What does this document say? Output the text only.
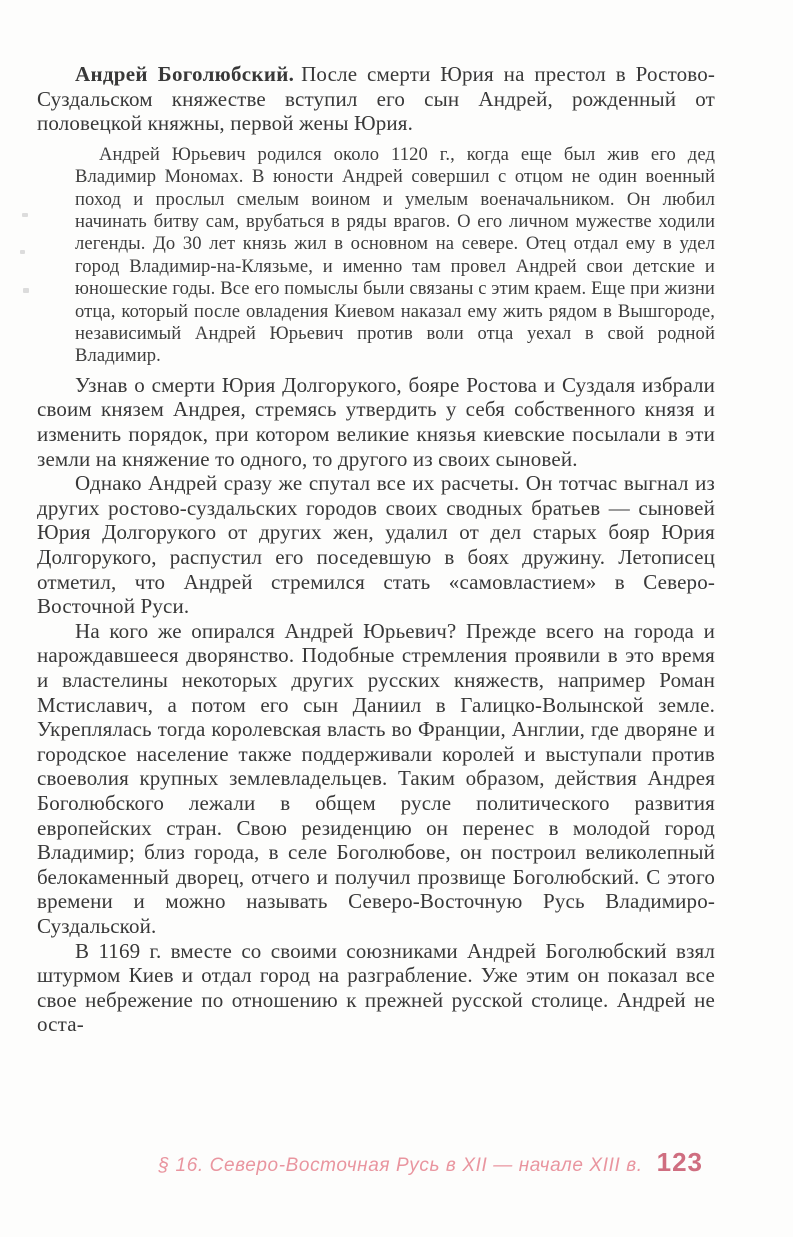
Андрей Боголюбский. После смерти Юрия на престол в Ростово-Суздальском княжестве вступил его сын Андрей, рожденный от половецкой княжны, первой жены Юрия.

Андрей Юрьевич родился около 1120 г., когда еще был жив его дед Владимир Мономах. В юности Андрей совершил с отцом не один военный поход и прослыл смелым воином и умелым военачальником. Он любил начинать битву сам, врубаться в ряды врагов. О его личном мужестве ходили легенды. До 30 лет князь жил в основном на севере. Отец отдал ему в удел город Владимир-на-Клязьме, и именно там провел Андрей свои детские и юношеские годы. Все его помыслы были связаны с этим краем. Еще при жизни отца, который после овладения Киевом наказал ему жить рядом в Вышгороде, независимый Андрей Юрьевич против воли отца уехал в свой родной Владимир.

Узнав о смерти Юрия Долгорукого, бояре Ростова и Суздаля избрали своим князем Андрея, стремясь утвердить у себя собственного князя и изменить порядок, при котором великие князья киевские посылали в эти земли на княжение то одного, то другого из своих сыновей.

Однако Андрей сразу же спутал все их расчеты. Он тотчас выгнал из других ростово-суздальских городов своих сводных братьев — сыновей Юрия Долгорукого от других жен, удалил от дел старых бояр Юрия Долгорукого, распустил его поседевшую в боях дружину. Летописец отметил, что Андрей стремился стать «самовластием» в Северо-Восточной Руси.

На кого же опирался Андрей Юрьевич? Прежде всего на города и нарождавшееся дворянство. Подобные стремления проявили в это время и властелины некоторых других русских княжеств, например Роман Мстиславич, а потом его сын Даниил в Галицко-Волынской земле. Укреплялась тогда королевская власть во Франции, Англии, где дворяне и городское население также поддерживали королей и выступали против своеволия крупных землевладельцев. Таким образом, действия Андрея Боголюбского лежали в общем русле политического развития европейских стран. Свою резиденцию он перенес в молодой город Владимир; близ города, в селе Боголюбове, он построил великолепный белокаменный дворец, отчего и получил прозвище Боголюбский. С этого времени и можно называть Северо-Восточную Русь Владимиро-Суздальской.

В 1169 г. вместе со своими союзниками Андрей Боголюбский взял штурмом Киев и отдал город на разграбление. Уже этим он показал все свое небрежение по отношению к прежней русской столице. Андрей не оста-

§ 16. Северо-Восточная Русь в XII — начале XIII в. 123
